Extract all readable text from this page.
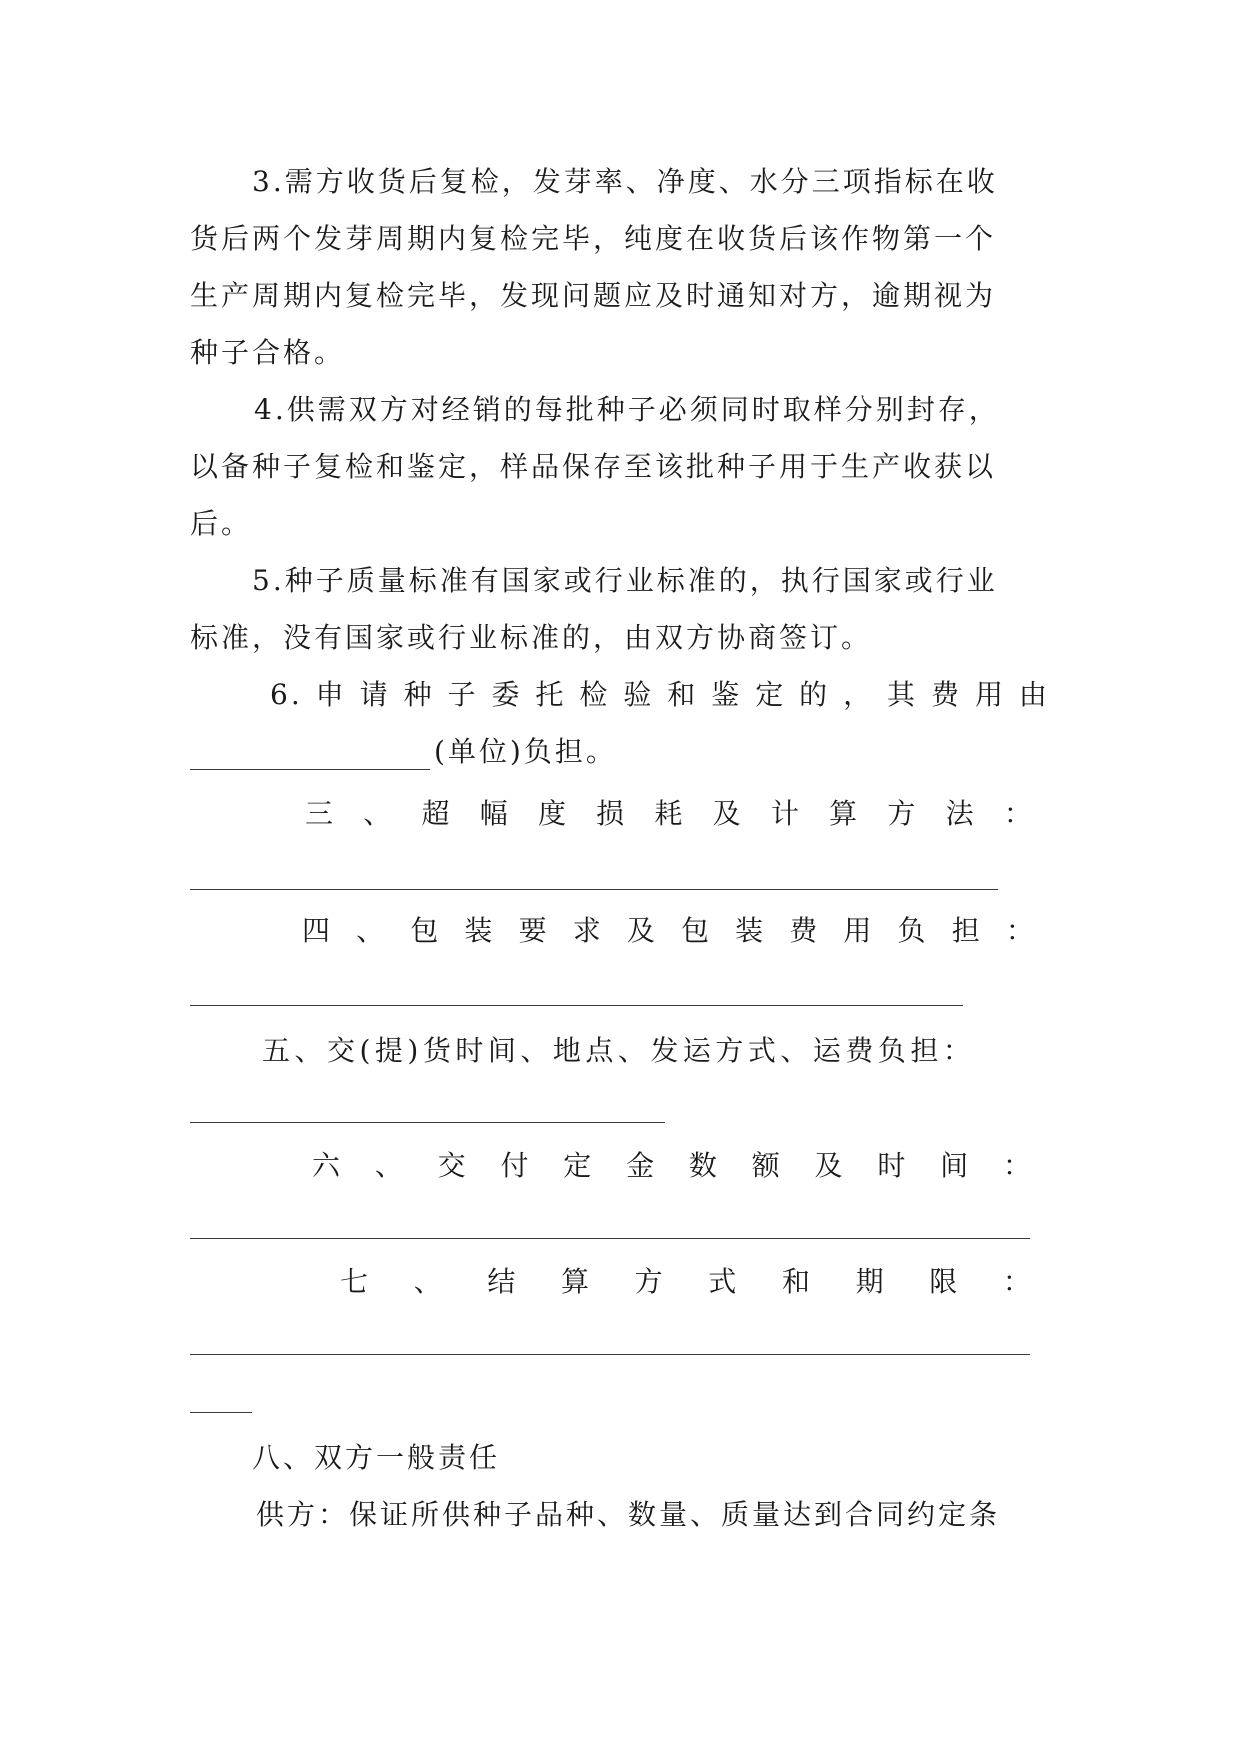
3.需方收货后复检，发芽率、净度、水分三项指标在收
货后两个发芽周期内复检完毕，纯度在收货后该作物第一个
生产周期内复检完毕，发现问题应及时通知对方，逾期视为
种子合格。
4.供需双方对经销的每批种子必须同时取样分别封存，
以备种子复检和鉴定，样品保存至该批种子用于生产收获以
后。
5.种子质量标准有国家或行业标准的，执行国家或行业
标准，没有国家或行业标准的，由双方协商签订。
6. 申 请 种 子 委 托 检 验 和 鉴 定 的 ， 其 费 用 由
(单位)负担。
三 、 超 幅 度 损 耗 及 计 算 方 法 ：
四 、 包 装 要 求 及 包 装 费 用 负 担 ：
五、交(提)货时间、地点、发运方式、运费负担：
六 、 交 付 定 金 数 额 及 时 间 ：
七 、 结 算 方 式 和 期 限 ：
八、双方一般责任
供方：保证所供种子品种、数量、质量达到合同约定条
